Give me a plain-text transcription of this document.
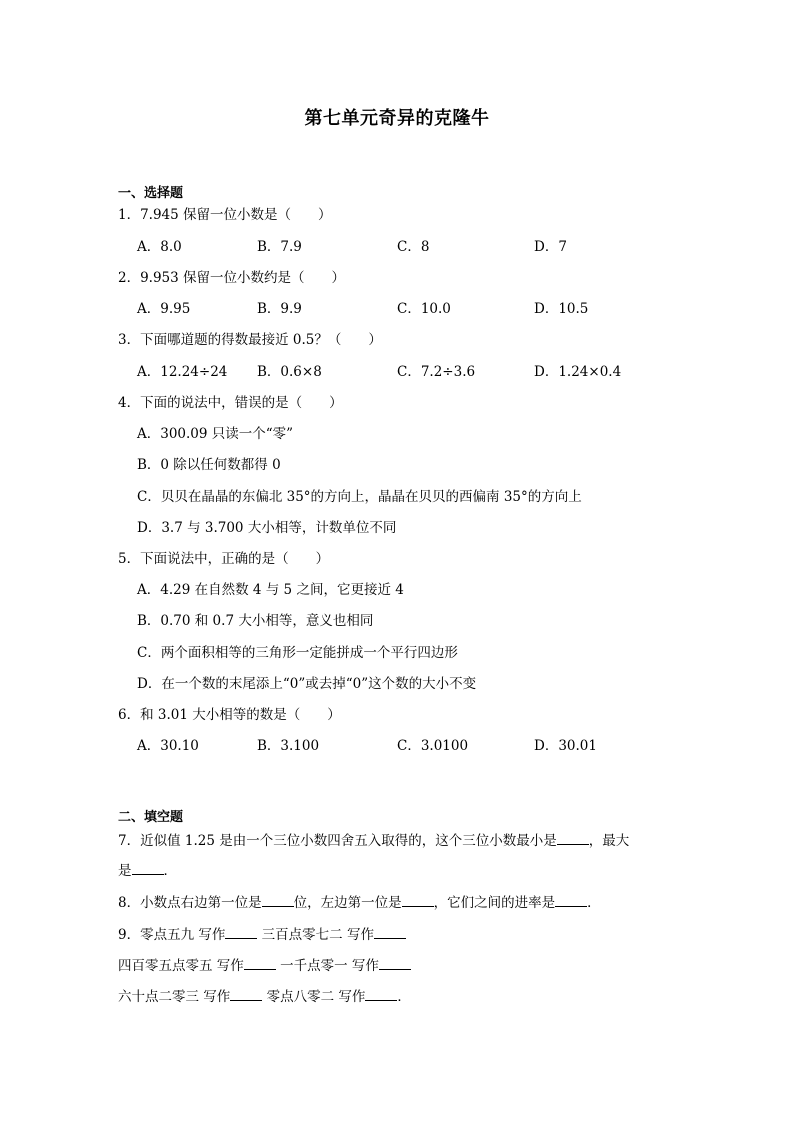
第七单元奇异的克隆牛
一、选择题
1．7.945 保留一位小数是（　　）
A．8.0	B．7.9	C．8	D．7
2．9.953 保留一位小数约是（　　）
A．9.95	B．9.9	C．10.0	D．10.5
3．下面哪道题的得数最接近 0.5？（　　）
A．12.24÷24 B．0.6×8	C．7.2÷3.6	D．1.24×0.4
4．下面的说法中，错误的是（　　）
A．300.09 只读一个“零”
B．0 除以任何数都得 0
C．贝贝在晶晶的东偏北 35°的方向上，晶晶在贝贝的西偏南 35°的方向上
D．3.7 与 3.700 大小相等，计数单位不同
5．下面说法中，正确的是（　　）
A．4.29 在自然数 4 与 5 之间，它更接近 4
B．0.70 和 0.7 大小相等，意义也相同
C．两个面积相等的三角形一定能拼成一个平行四边形
D．在一个数的末尾添上“0”或去掉“0”这个数的大小不变
6．和 3.01 大小相等的数是（　　）
A．30.10	B．3.100	C．3.0100	D．30.01
二、填空题
7．近似值 1.25 是由一个三位小数四舍五入取得的，这个三位小数最小是 ，最大
是 ．
8．小数点右边第一位是 位，左边第一位是 ，它们之间的进率是 ．
9．零点五九 写作 三百点零七二 写作
四百零五点零五 写作 一千点零一 写作
六十点二零三 写作 零点八零二 写作 ．
